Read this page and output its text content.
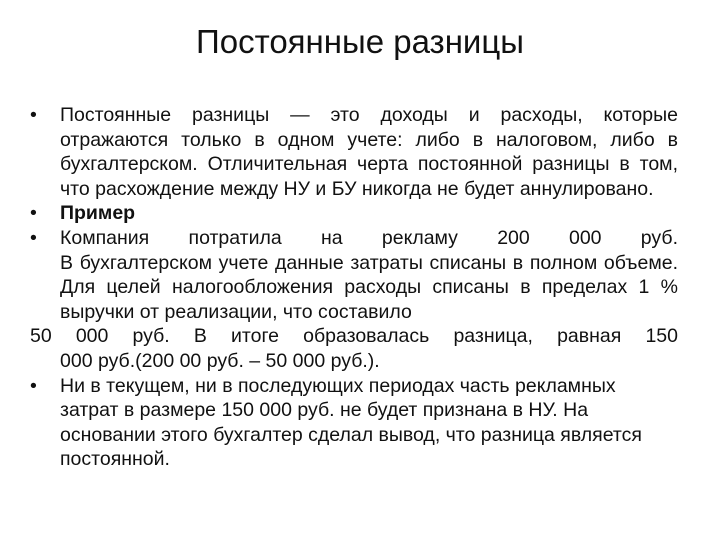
Постоянные разницы
•	Постоянные разницы — это доходы и расходы, которые отражаются только в одном учете: либо в налоговом, либо в бухгалтерском. Отличительная черта постоянной разницы в том, что расхождение между НУ и БУ никогда не будет аннулировано.
•	Пример
•	Компания потратила на рекламу 200 000 руб.
В бухгалтерском учете данные затраты списаны в полном объеме. Для целей налогообложения расходы списаны в пределах 1 % выручки от реализации, что составило
50 000 руб. В итоге образовалась разница, равная 150
000 руб.(200 00 руб. – 50 000 руб.).
•	Ни в текущем, ни в последующих периодах часть рекламных затрат в размере 150 000 руб. не будет признана в НУ. На основании этого бухгалтер сделал вывод, что разница является постоянной.
